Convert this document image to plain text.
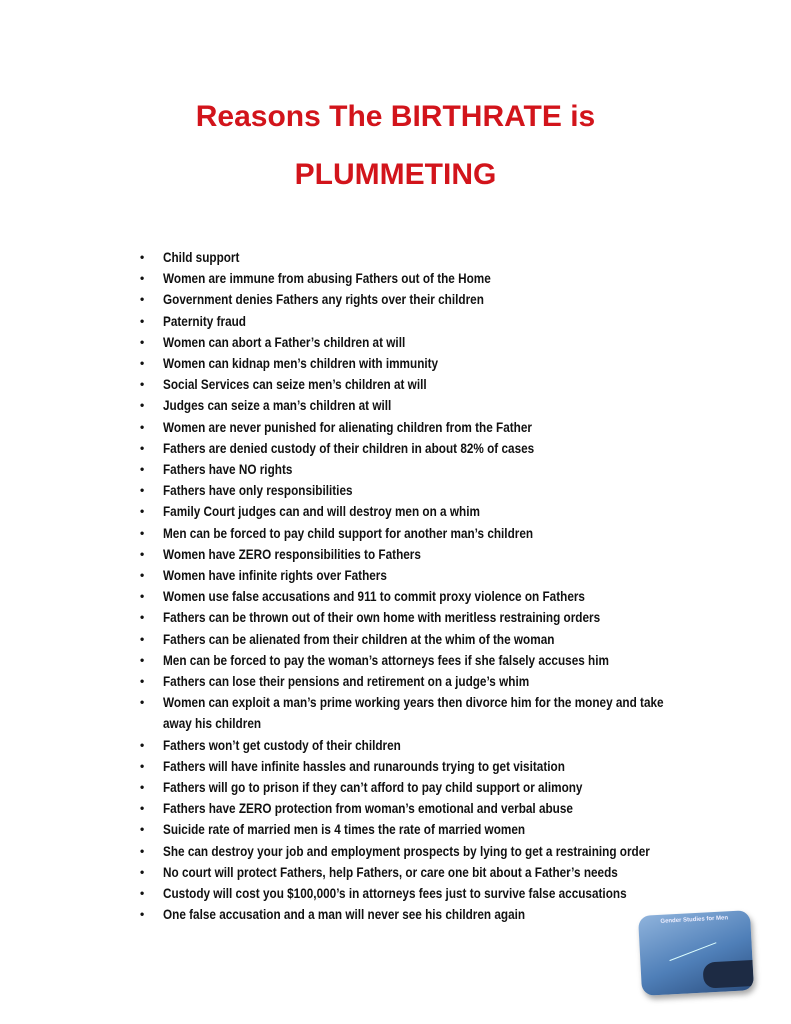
Reasons The BIRTHRATE is
PLUMMETING
• Child support
• Women are immune from abusing Fathers out of the Home
• Government denies Fathers any rights over their children
• Paternity fraud
• Women can abort a Father’s children at will
• Women can kidnap men’s children with immunity
• Social Services can seize men’s children at will
• Judges can seize a man’s children at will
• Women are never punished for alienating children from the Father
• Fathers are denied custody of their children in about 82% of cases
• Fathers have NO rights
• Fathers have only responsibilities
• Family Court judges can and will destroy men on a whim
• Men can be forced to pay child support for another man’s children
• Women have ZERO responsibilities to Fathers
• Women have infinite rights over Fathers
• Women use false accusations and 911 to commit proxy violence on Fathers
• Fathers can be thrown out of their own home with meritless restraining orders
• Fathers can be alienated from their children at the whim of the woman
• Men can be forced to pay the woman’s attorneys fees if she falsely accuses him
• Fathers can lose their pensions and retirement on a judge’s whim
• Women can exploit a man’s prime working years then divorce him for the money and take away his children
• Fathers won’t get custody of their children
• Fathers will have infinite hassles and runarounds trying to get visitation
• Fathers will go to prison if they can’t afford to pay child support or alimony
• Fathers have ZERO protection from woman’s emotional and verbal abuse
• Suicide rate of married men is 4 times the rate of married women
• She can destroy your job and employment prospects by lying to get a restraining order
• No court will protect Fathers, help Fathers, or care one bit about a Father’s needs
• Custody will cost you $100,000’s in attorneys fees just to survive false accusations
• One false accusation and a man will never see his children again	Gender Studies for Men
